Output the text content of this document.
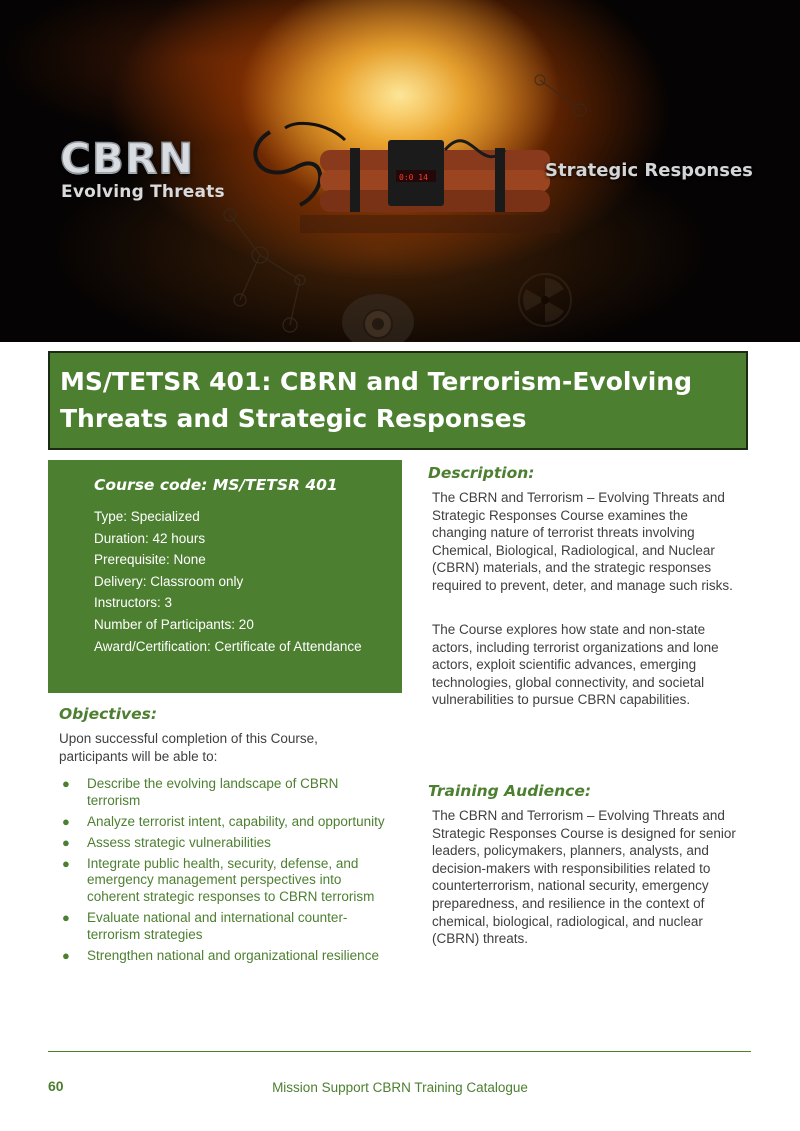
0:0 14
CBRN
Evolving Threats
Strategic Responses
MS/TETSR 401: CBRN and Terrorism-Evolving Threats and Strategic Responses
Course code: MS/TETSR 401
Type: Specialized
Duration: 42 hours
Prerequisite: None
Delivery: Classroom only
Instructors: 3
Number of Participants: 20
Award/Certification: Certificate of Attendance
Objectives:

Upon successful completion of this Course, participants will be able to:

● Describe the evolving landscape of CBRN terrorism
● Analyze terrorist intent, capability, and opportunity
● Assess strategic vulnerabilities
● Integrate public health, security, defense, and emergency management perspectives into coherent strategic responses to CBRN terrorism
● Evaluate national and international counter-terrorism strategies
● Strengthen national and organizational resilience
Description:

The CBRN and Terrorism – Evolving Threats and Strategic Responses Course examines the changing nature of terrorist threats involving Chemical, Biological, Radiological, and Nuclear (CBRN) materials, and the strategic responses required to prevent, deter, and manage such risks.

The Course explores how state and non-state actors, including terrorist organizations and lone actors, exploit scientific advances, emerging technologies, global connectivity, and societal vulnerabilities to pursue CBRN capabilities.

Training Audience:

The CBRN and Terrorism – Evolving Threats and Strategic Responses Course is designed for senior leaders, policymakers, planners, analysts, and decision-makers with responsibilities related to counterterrorism, national security, emergency preparedness, and resilience in the context of chemical, biological, radiological, and nuclear (CBRN) threats.

60	Mission Support CBRN Training Catalogue
